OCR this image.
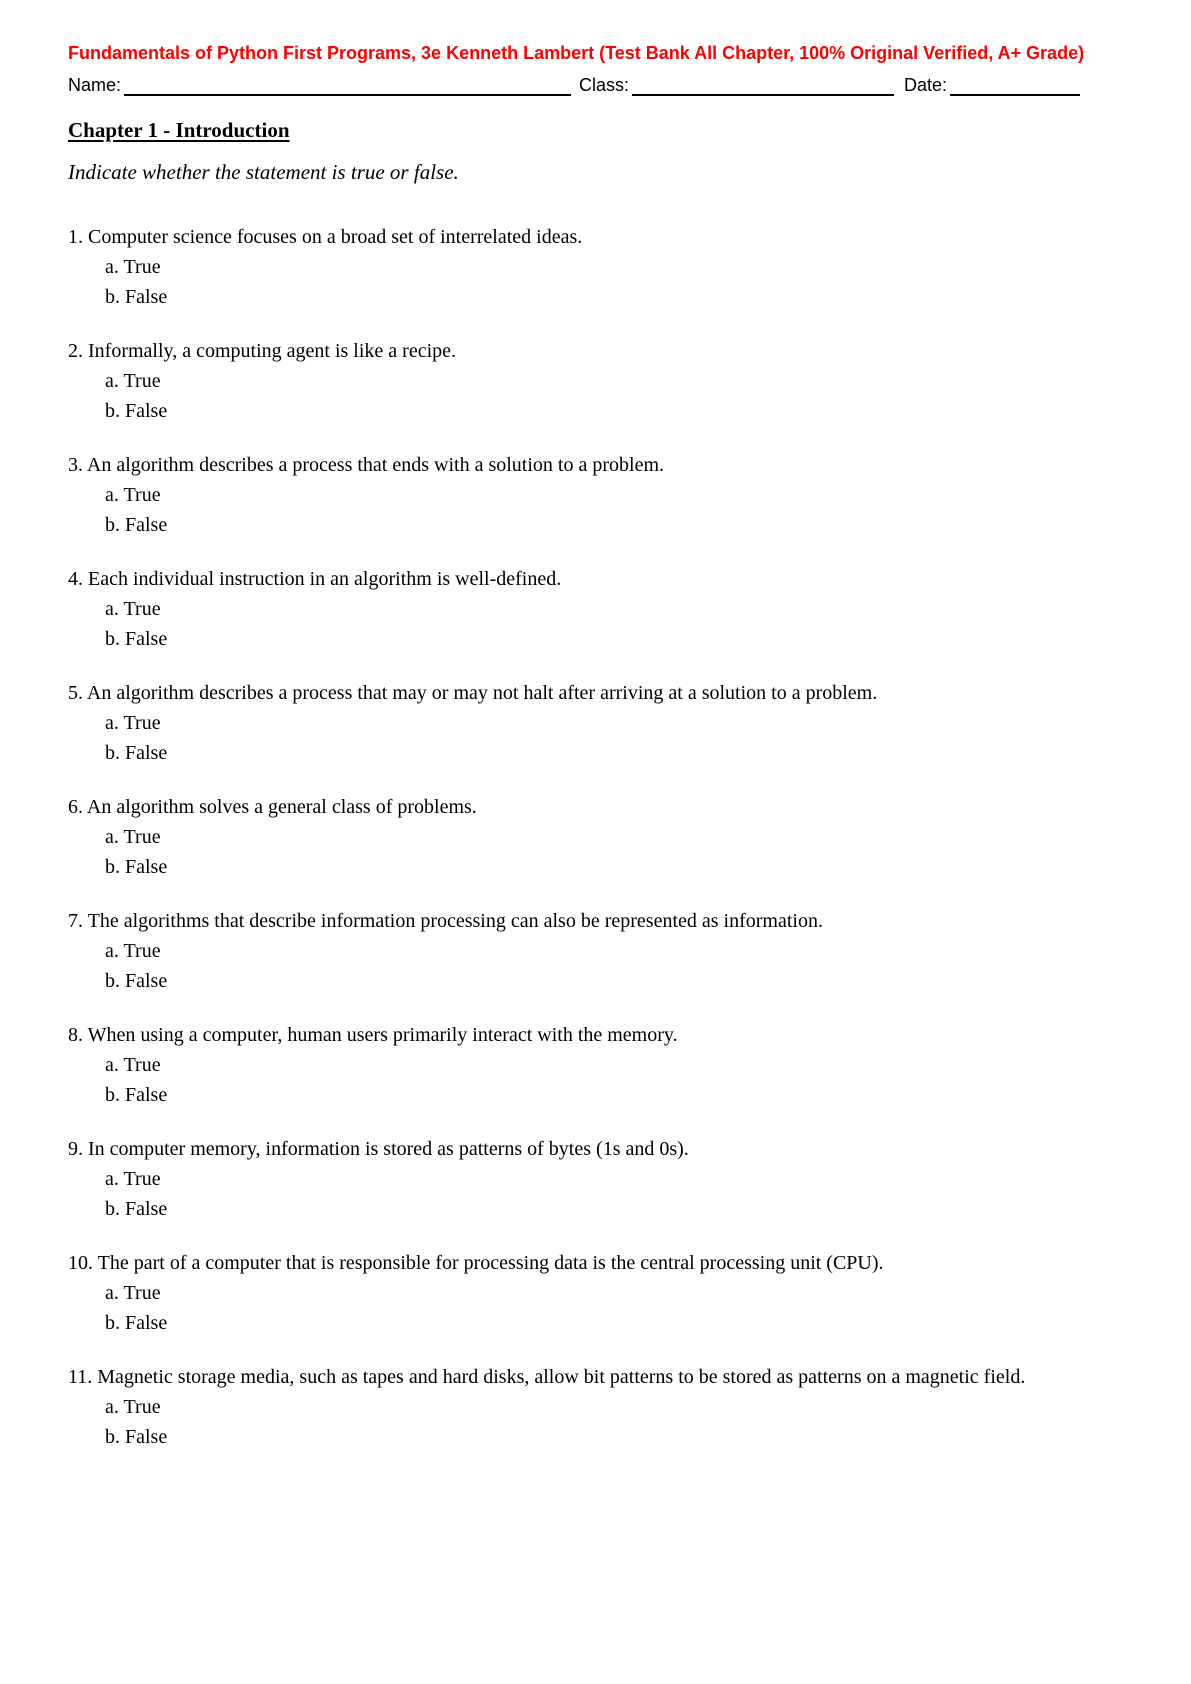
Fundamentals of Python First Programs, 3e Kenneth Lambert (Test Bank All Chapter, 100% Original Verified, A+ Grade)
Name:	Class:	Date:
Chapter 1 - Introduction

Indicate whether the statement is true or false.

1. Computer science focuses on a broad set of interrelated ideas.
a. True
b. False
2. Informally, a computing agent is like a recipe.
a. True
b. False
3. An algorithm describes a process that ends with a solution to a problem.
a. True
b. False
4. Each individual instruction in an algorithm is well-defined.
a. True
b. False
5. An algorithm describes a process that may or may not halt after arriving at a solution to a problem.
a. True
b. False
6. An algorithm solves a general class of problems.
a. True
b. False
7. The algorithms that describe information processing can also be represented as information.
a. True
b. False
8. When using a computer, human users primarily interact with the memory.
a. True
b. False
9. In computer memory, information is stored as patterns of bytes (1s and 0s).
a. True
b. False
10. The part of a computer that is responsible for processing data is the central processing unit (CPU).
a. True
b. False
11. Magnetic storage media, such as tapes and hard disks, allow bit patterns to be stored as patterns on a magnetic field.
a. True
b. False
